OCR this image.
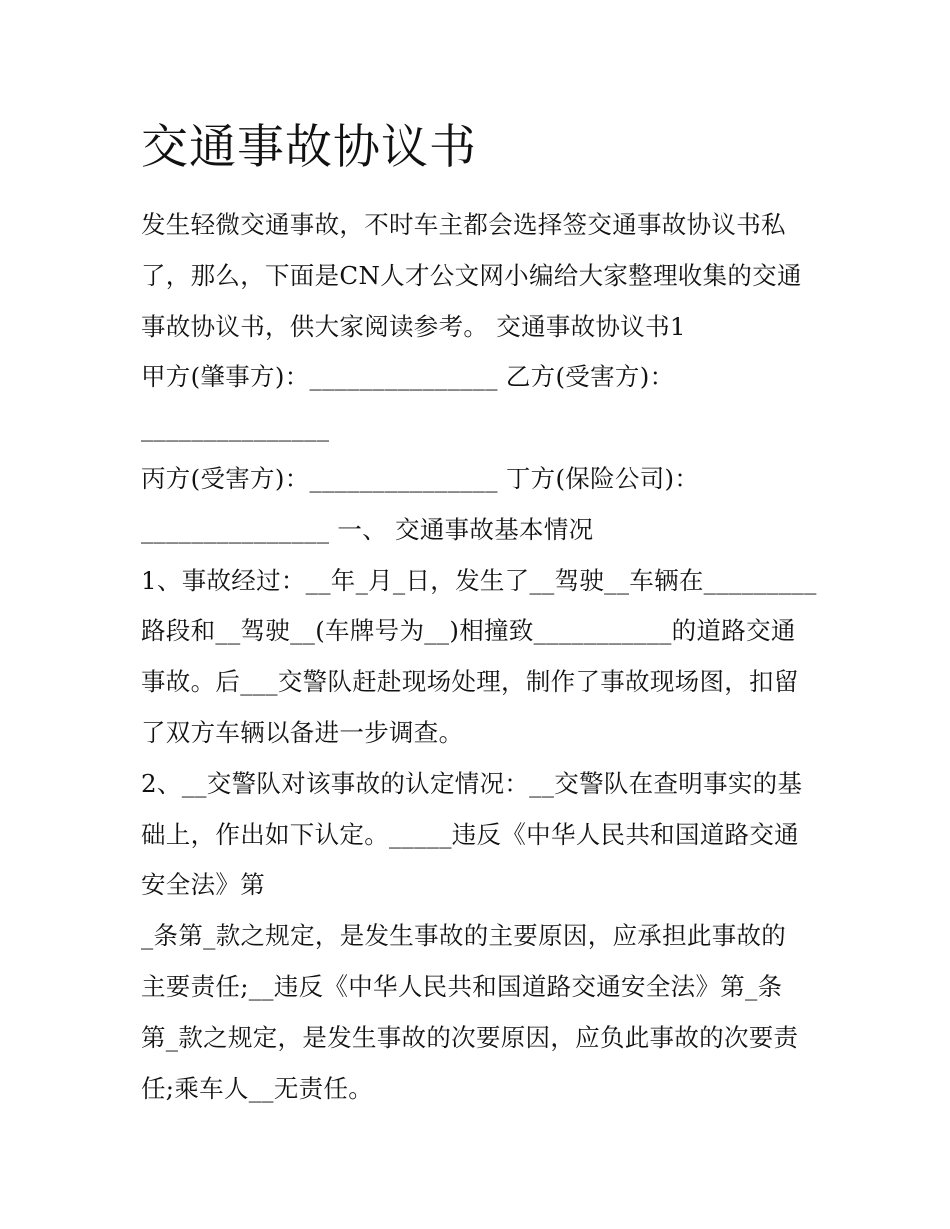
交通事故协议书
发生轻微交通事故，不时车主都会选择签交通事故协议书私
了，那么，下面是CN人才公文网小编给大家整理收集的交通
事故协议书，供大家阅读参考。 交通事故协议书1
甲方(肇事方)：_______________ 乙方(受害方)：
_______________
丙方(受害方)：_______________ 丁方(保险公司)：
_______________ 一、 交通事故基本情况
1、事故经过：__年_月_日，发生了__驾驶__车辆在_________
路段和__驾驶__(车牌号为__)相撞致___________的道路交通
事故。后___交警队赶赴现场处理，制作了事故现场图，扣留
了双方车辆以备进一步调查。
2、__交警队对该事故的认定情况：__交警队在查明事实的基
础上，作出如下认定。_____违反《中华人民共和国道路交通
安全法》第
_条第_款之规定，是发生事故的主要原因，应承担此事故的
主要责任;__违反《中华人民共和国道路交通安全法》第_条
第_款之规定，是发生事故的次要原因，应负此事故的次要责
任;乘车人__无责任。
